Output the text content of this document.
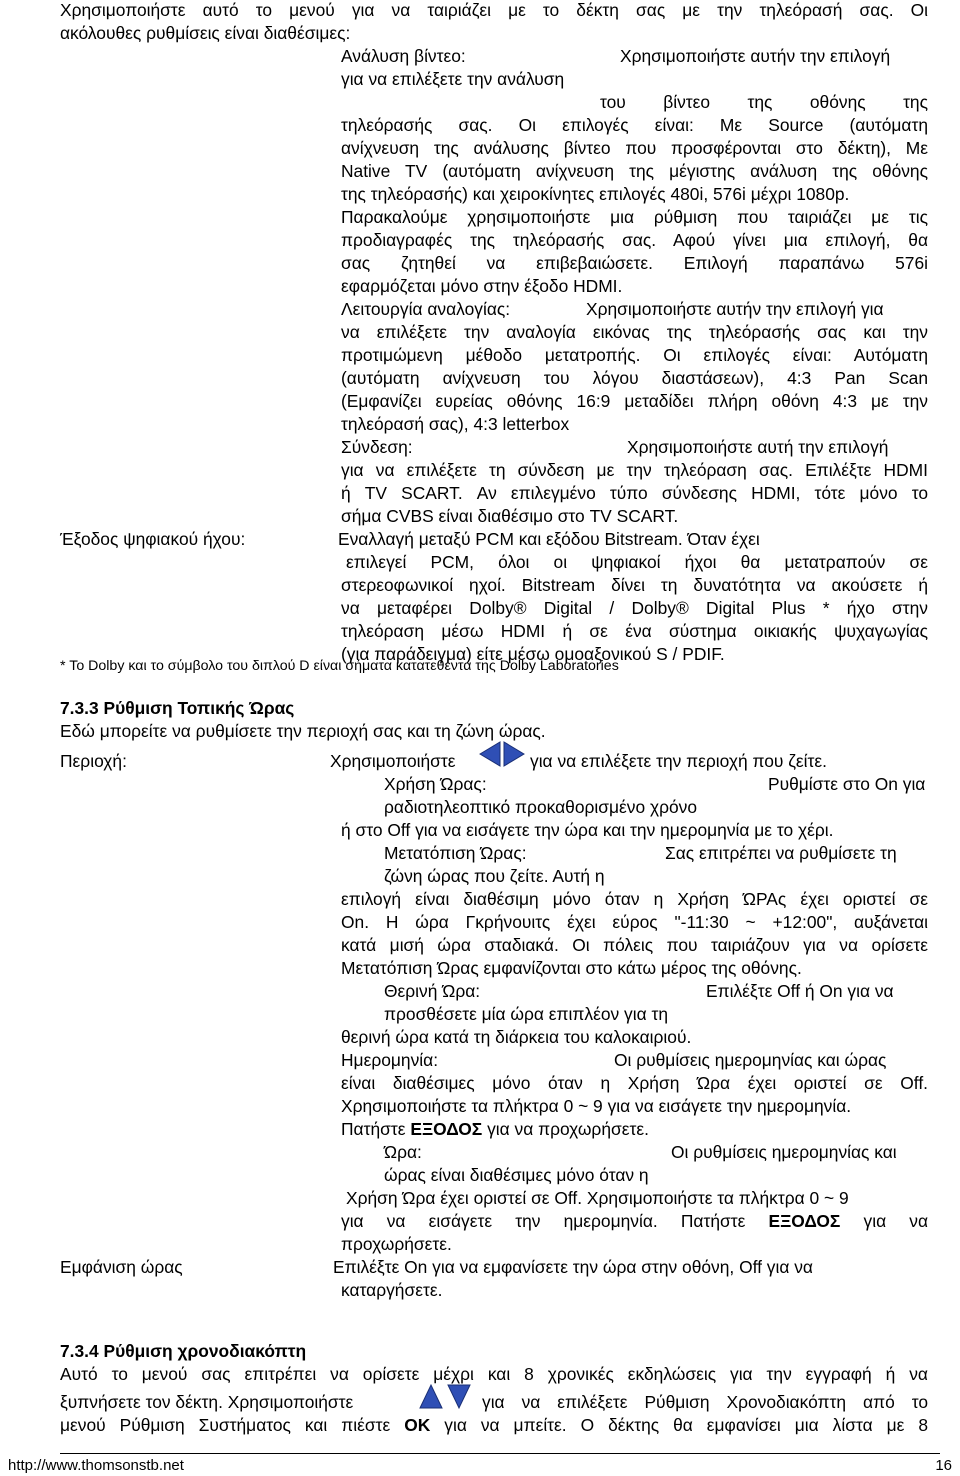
Χρησιμοποιήστε αυτό το μενού για να ταιριάζει με το δέκτη σας με την τηλεόρασή σας. Οι
ακόλουθες ρυθμίσεις είναι διαθέσιμες:
Ανάλυση βίντεο:	Χρησιμοποιήστε αυτήν την επιλογή
για να επιλέξετε την ανάλυση
του βίντεο της οθόνης της
τηλεόρασής σας. Οι επιλογές είναι: Με Source (αυτόματη
ανίχνευση της ανάλυσης βίντεο που προσφέρονται στο δέκτη), Με
Native TV (αυτόματη ανίχνευση της μέγιστης ανάλυση της οθόνης
της τηλεόρασής) και χειροκίνητες επιλογές 480i, 576i μέχρι 1080p.
Παρακαλούμε χρησιμοποιήστε μια ρύθμιση που ταιριάζει με τις
προδιαγραφές της τηλεόρασής σας. Αφού γίνει μια επιλογή, θα
σας ζητηθεί να επιβεβαιώσετε. Επιλογή παραπάνω 576i
εφαρμόζεται μόνο στην έξοδο HDMI.
Λειτουργία αναλογίας:	Χρησιμοποιήστε αυτήν την επιλογή για
να επιλέξετε την αναλογία εικόνας της τηλεόρασής σας και την
προτιμώμενη μέθοδο μετατροπής. Οι επιλογές είναι: Αυτόματη
(αυτόματη ανίχνευση του λόγου διαστάσεων), 4:3 Pan Scan
(Εμφανίζει ευρείας οθόνης 16:9 μεταδίδει πλήρη οθόνη 4:3 με την
τηλεόρασή σας), 4:3 letterbox
Σύνδεση:	Χρησιμοποιήστε αυτή την επιλογή
για να επιλέξετε τη σύνδεση με την τηλεόραση σας. Επιλέξτε HDMI
ή TV SCART. Αν επιλεγμένο τύπο σύνδεσης HDMI, τότε μόνο το
σήμα CVBS είναι διαθέσιμο στο TV SCART.
Έξοδος ψηφιακού ήχου:	Εναλλαγή μεταξύ PCM και εξόδου Bitstream. Όταν έχει
επιλεγεί PCM, όλοι οι ψηφιακοί ήχοι θα μετατραπούν σε
στερεοφωνικοί ηχοί. Bitstream δίνει τη δυνατότητα να ακούσετε ή
να μεταφέρει Dolby® Digital / Dolby® Digital Plus * ήχο στην
τηλεόραση μέσω HDMI ή σε ένα σύστημα οικιακής ψυχαγωγίας
(για παράδειγμα) είτε μέσω ομοαξονικού S / PDIF.
* Το Dolby και το σύμβολο του διπλού D είναι σήματα κατατεθέντα της Dolby Laboratories
7.3.3 Ρύθμιση Τοπικής Ώρας
Εδώ μπορείτε να ρυθμίσετε την περιοχή σας και τη ζώνη ώρας.
Περιοχή:	Χρησιμοποιήστε	για να επιλέξετε την περιοχή που ζείτε.
Χρήση Ώρας:	Ρυθμίστε στο On για
ραδιοτηλεοπτικό προκαθορισμένο χρόνο
ή στο Off για να εισάγετε την ώρα και την ημερομηνία με το χέρι.
Μετατόπιση Ώρας:	Σας επιτρέπει να ρυθμίσετε τη
ζώνη ώρας που ζείτε. Αυτή η
επιλογή είναι διαθέσιμη μόνο όταν η Χρήση ΏΡΑς έχει οριστεί σε
On. Η ώρα Γκρήνουιτς έχει εύρος "-11:30 ~ +12:00", αυξάνεται
κατά μισή ώρα σταδιακά. Οι πόλεις που ταιριάζουν για να ορίσετε
Μετατόπιση Ώρας εμφανίζονται στο κάτω μέρος της οθόνης.
Θερινή Ώρα:	Επιλέξτε Off ή On για να
προσθέσετε μία ώρα επιπλέον για τη
θερινή ώρα κατά τη διάρκεια του καλοκαιριού.
Ημερομηνία:	Οι ρυθμίσεις ημερομηνίας και ώρας
είναι διαθέσιμες μόνο όταν η Χρήση Ώρα έχει οριστεί σε Off.
Χρησιμοποιήστε τα πλήκτρα 0 ~ 9 για να εισάγετε την ημερομηνία.
Πατήστε ΕΞΟΔΟΣ για να προχωρήσετε.
Ώρα:	Οι ρυθμίσεις ημερομηνίας και
ώρας είναι διαθέσιμες μόνο όταν η
Χρήση Ώρα έχει οριστεί σε Off. Χρησιμοποιήστε τα πλήκτρα 0 ~ 9
για να εισάγετε την ημερομηνία. Πατήστε ΕΞΟΔΟΣ για να
προχωρήσετε.
Εμφάνιση ώρας	Επιλέξτε On για να εμφανίσετε την ώρα στην οθόνη, Off για να
καταργήσετε.
7.3.4 Ρύθμιση χρονοδιακόπτη
Αυτό το μενού σας επιτρέπει να ορίσετε μέχρι και 8 χρονικές εκδηλώσεις για την εγγραφή ή να
ξυπνήσετε τον δέκτη. Χρησιμοποιήστε	για να επιλέξετε Ρύθμιση Χρονοδιακόπτη από το
μενού Ρύθμιση Συστήματος και πιέστε OK για να μπείτε. Ο δέκτης θα εμφανίσει μια λίστα με 8
http://www.thomsonstb.net	16
